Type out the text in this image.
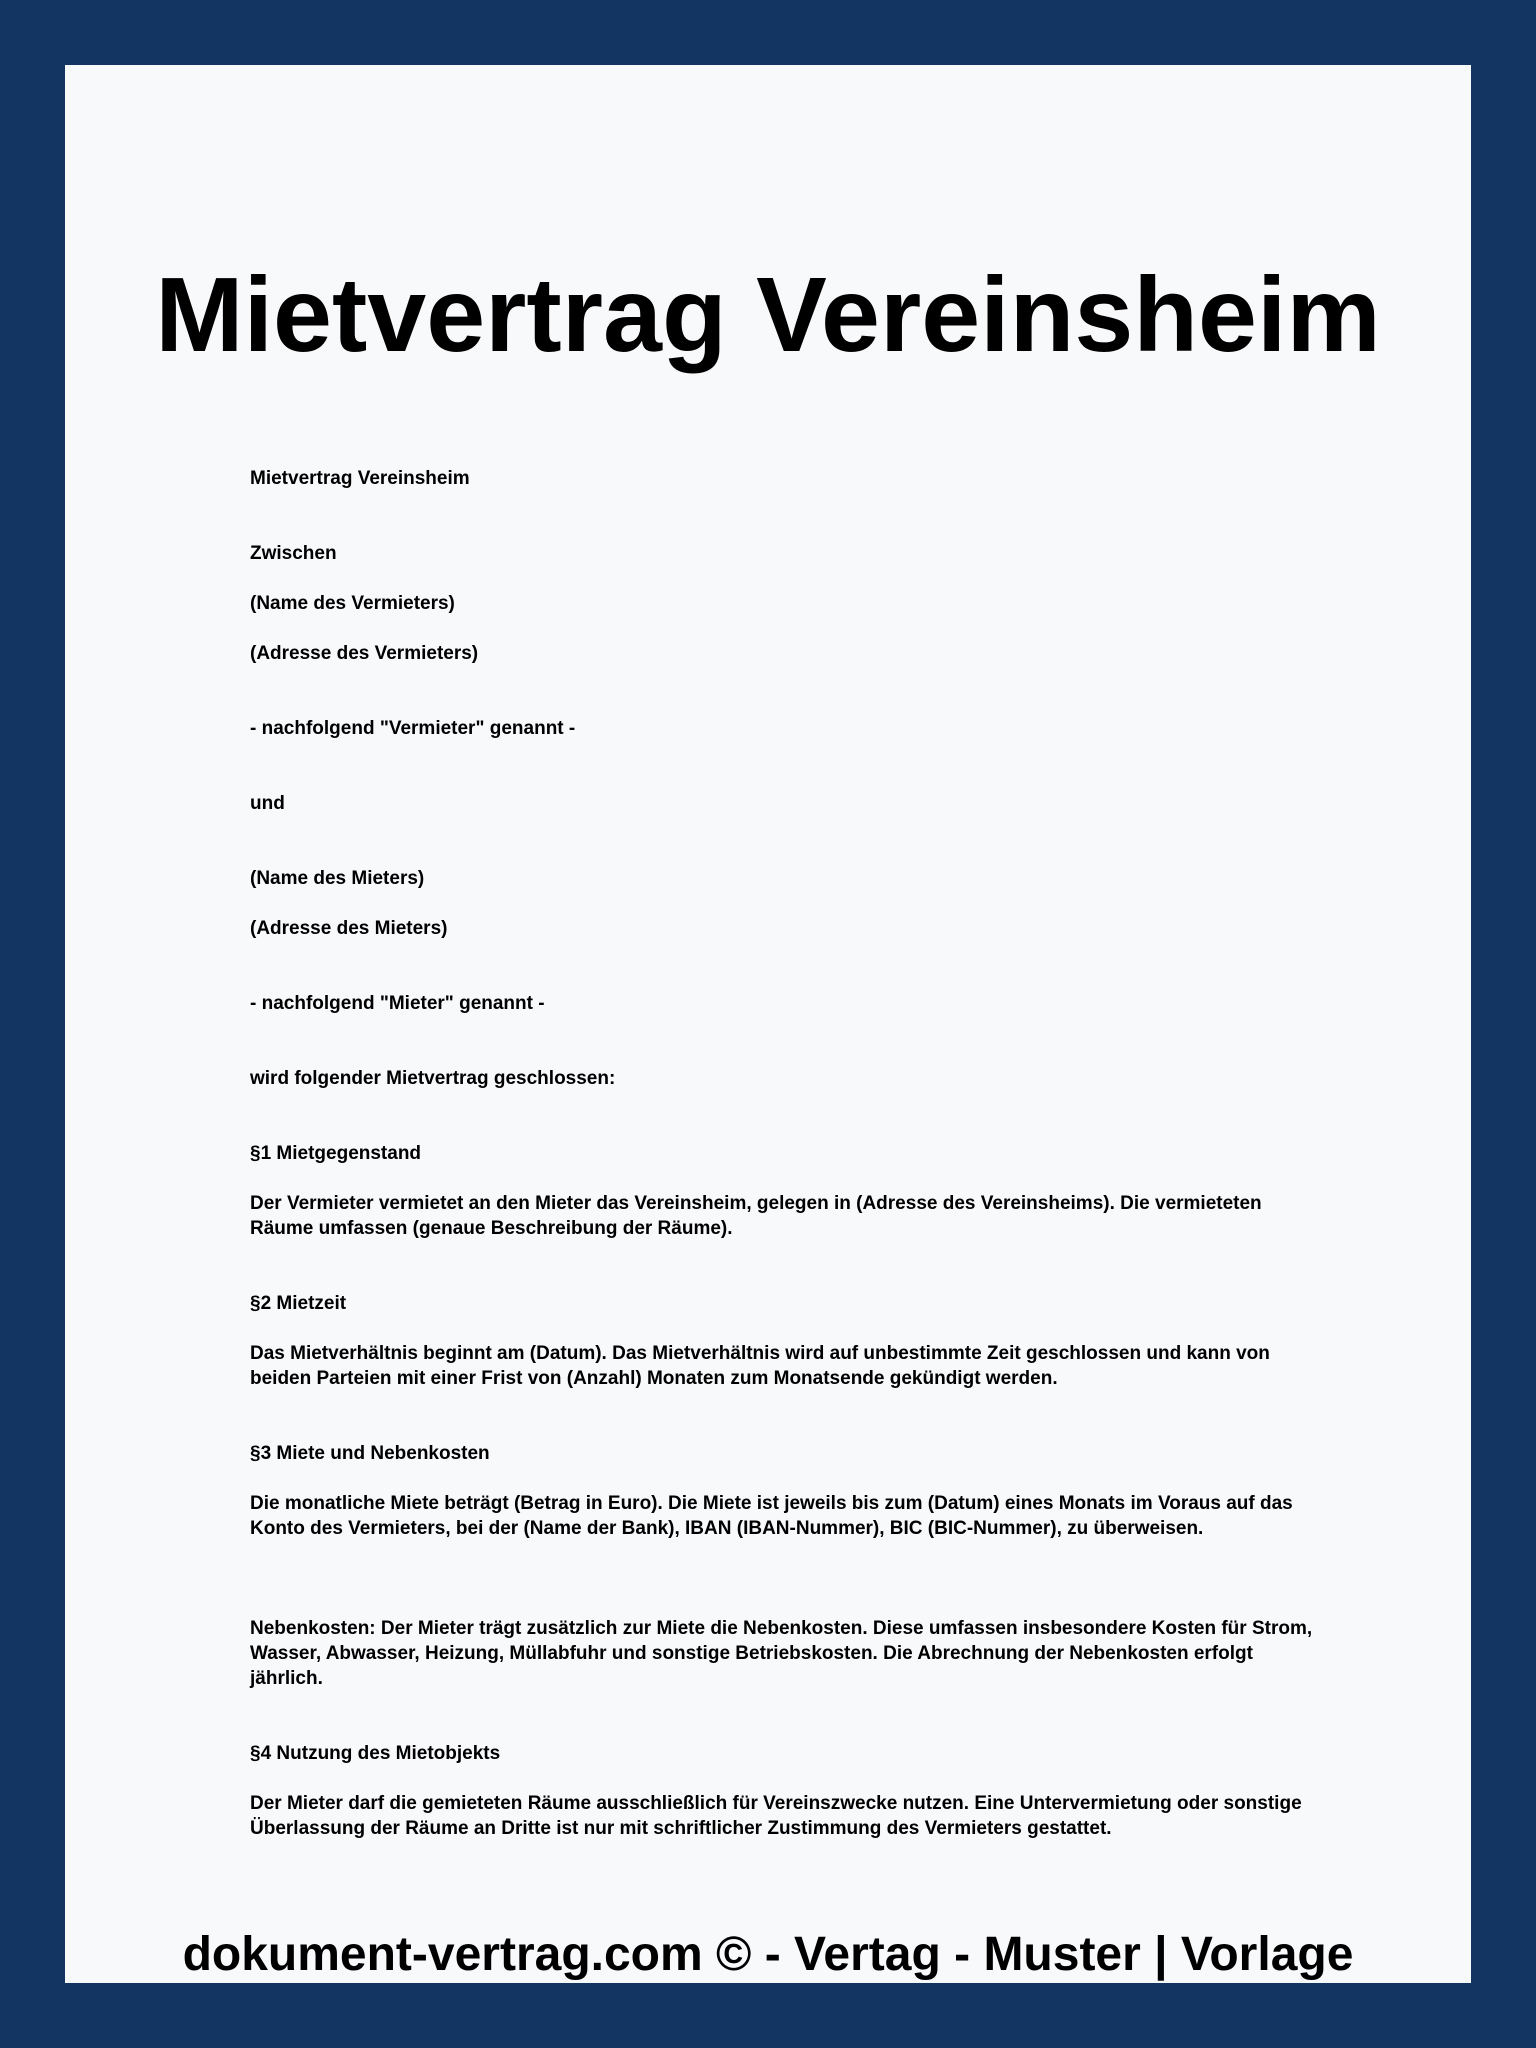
Mietvertrag Vereinsheim

Mietvertrag Vereinsheim

Zwischen

(Name des Vermieters)

(Adresse des Vermieters)

- nachfolgend "Vermieter" genannt -

und

(Name des Mieters)

(Adresse des Mieters)

- nachfolgend "Mieter" genannt -

wird folgender Mietvertrag geschlossen:

§1 Mietgegenstand

Der Vermieter vermietet an den Mieter das Vereinsheim, gelegen in (Adresse des Vereinsheims). Die vermieteten Räume umfassen (genaue Beschreibung der Räume).

§2 Mietzeit

Das Mietverhältnis beginnt am (Datum). Das Mietverhältnis wird auf unbestimmte Zeit geschlossen und kann von beiden Parteien mit einer Frist von (Anzahl) Monaten zum Monatsende gekündigt werden.

§3 Miete und Nebenkosten

Die monatliche Miete beträgt (Betrag in Euro). Die Miete ist jeweils bis zum (Datum) eines Monats im Voraus auf das Konto des Vermieters, bei der (Name der Bank), IBAN (IBAN-Nummer), BIC (BIC-Nummer), zu überweisen.

Nebenkosten: Der Mieter trägt zusätzlich zur Miete die Nebenkosten. Diese umfassen insbesondere Kosten für Strom, Wasser, Abwasser, Heizung, Müllabfuhr und sonstige Betriebskosten. Die Abrechnung der Nebenkosten erfolgt jährlich.

§4 Nutzung des Mietobjekts

Der Mieter darf die gemieteten Räume ausschließlich für Vereinszwecke nutzen. Eine Untervermietung oder sonstige Überlassung der Räume an Dritte ist nur mit schriftlicher Zustimmung des Vermieters gestattet.

dokument-vertrag.com © - Vertag - Muster | Vorlage
